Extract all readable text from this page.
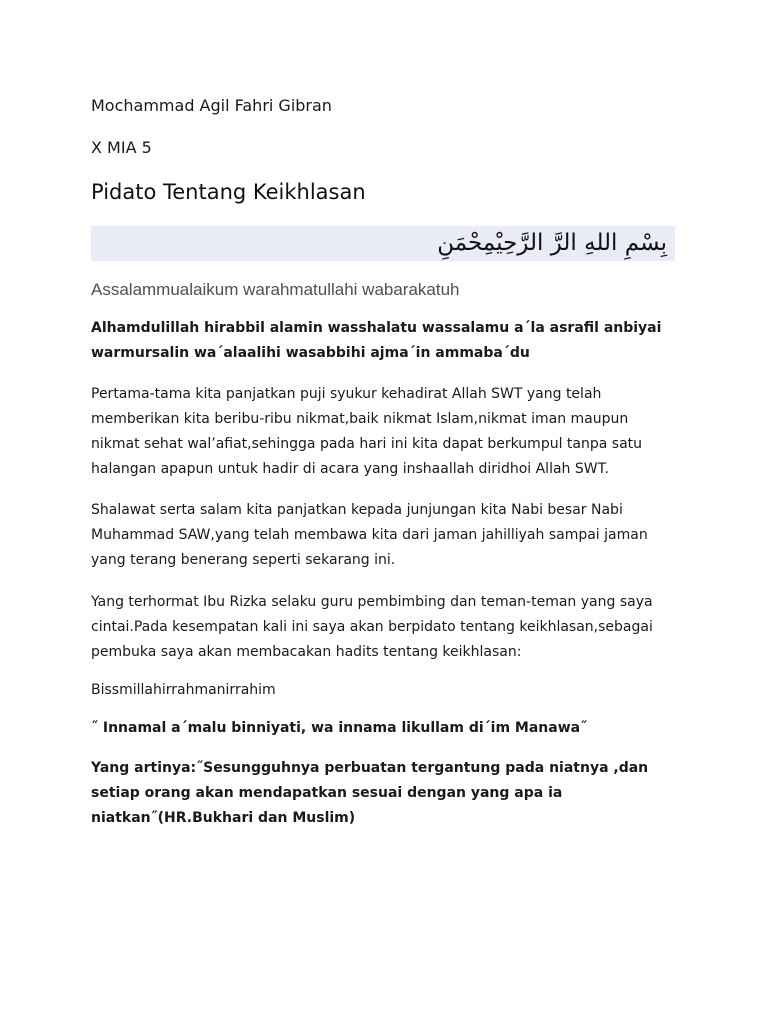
Mochammad Agil Fahri Gibran
X MIA 5
Pidato Tentang Keikhlasan
بِسْمِ اللهِ الرَّ الرَّحِيْمِحْمَنِ
Assalammualaikum warahmatullahi wabarakatuh
Alhamdulillah hirabbil alamin wasshalatu wassalamu a´la asrafil anbiyai
warmursalin wa´alaalihi wasabbihi ajma´in ammaba´du
Pertama-tama kita panjatkan puji syukur kehadirat Allah SWT yang telah
memberikan kita beribu-ribu nikmat,baik nikmat Islam,nikmat iman maupun
nikmat sehat wal’afiat,sehingga pada hari ini kita dapat berkumpul tanpa satu
halangan apapun untuk hadir di acara yang inshaallah diridhoi Allah SWT.
Shalawat serta salam kita panjatkan kepada junjungan kita Nabi besar Nabi
Muhammad SAW,yang telah membawa kita dari jaman jahilliyah sampai jaman
yang terang benerang seperti sekarang ini.
Yang terhormat Ibu Rizka selaku guru pembimbing dan teman-teman yang saya
cintai.Pada kesempatan kali ini saya akan berpidato tentang keikhlasan,sebagai
pembuka saya akan membacakan hadits tentang keikhlasan:
Bissmillahirrahmanirrahim
˝ Innamal a´malu binniyati, wa innama likullam di´im Manawa˝
Yang artinya:˝Sesungguhnya perbuatan tergantung pada niatnya ,dan
setiap orang akan mendapatkan sesuai dengan yang apa ia
niatkan˝(HR.Bukhari dan Muslim)
